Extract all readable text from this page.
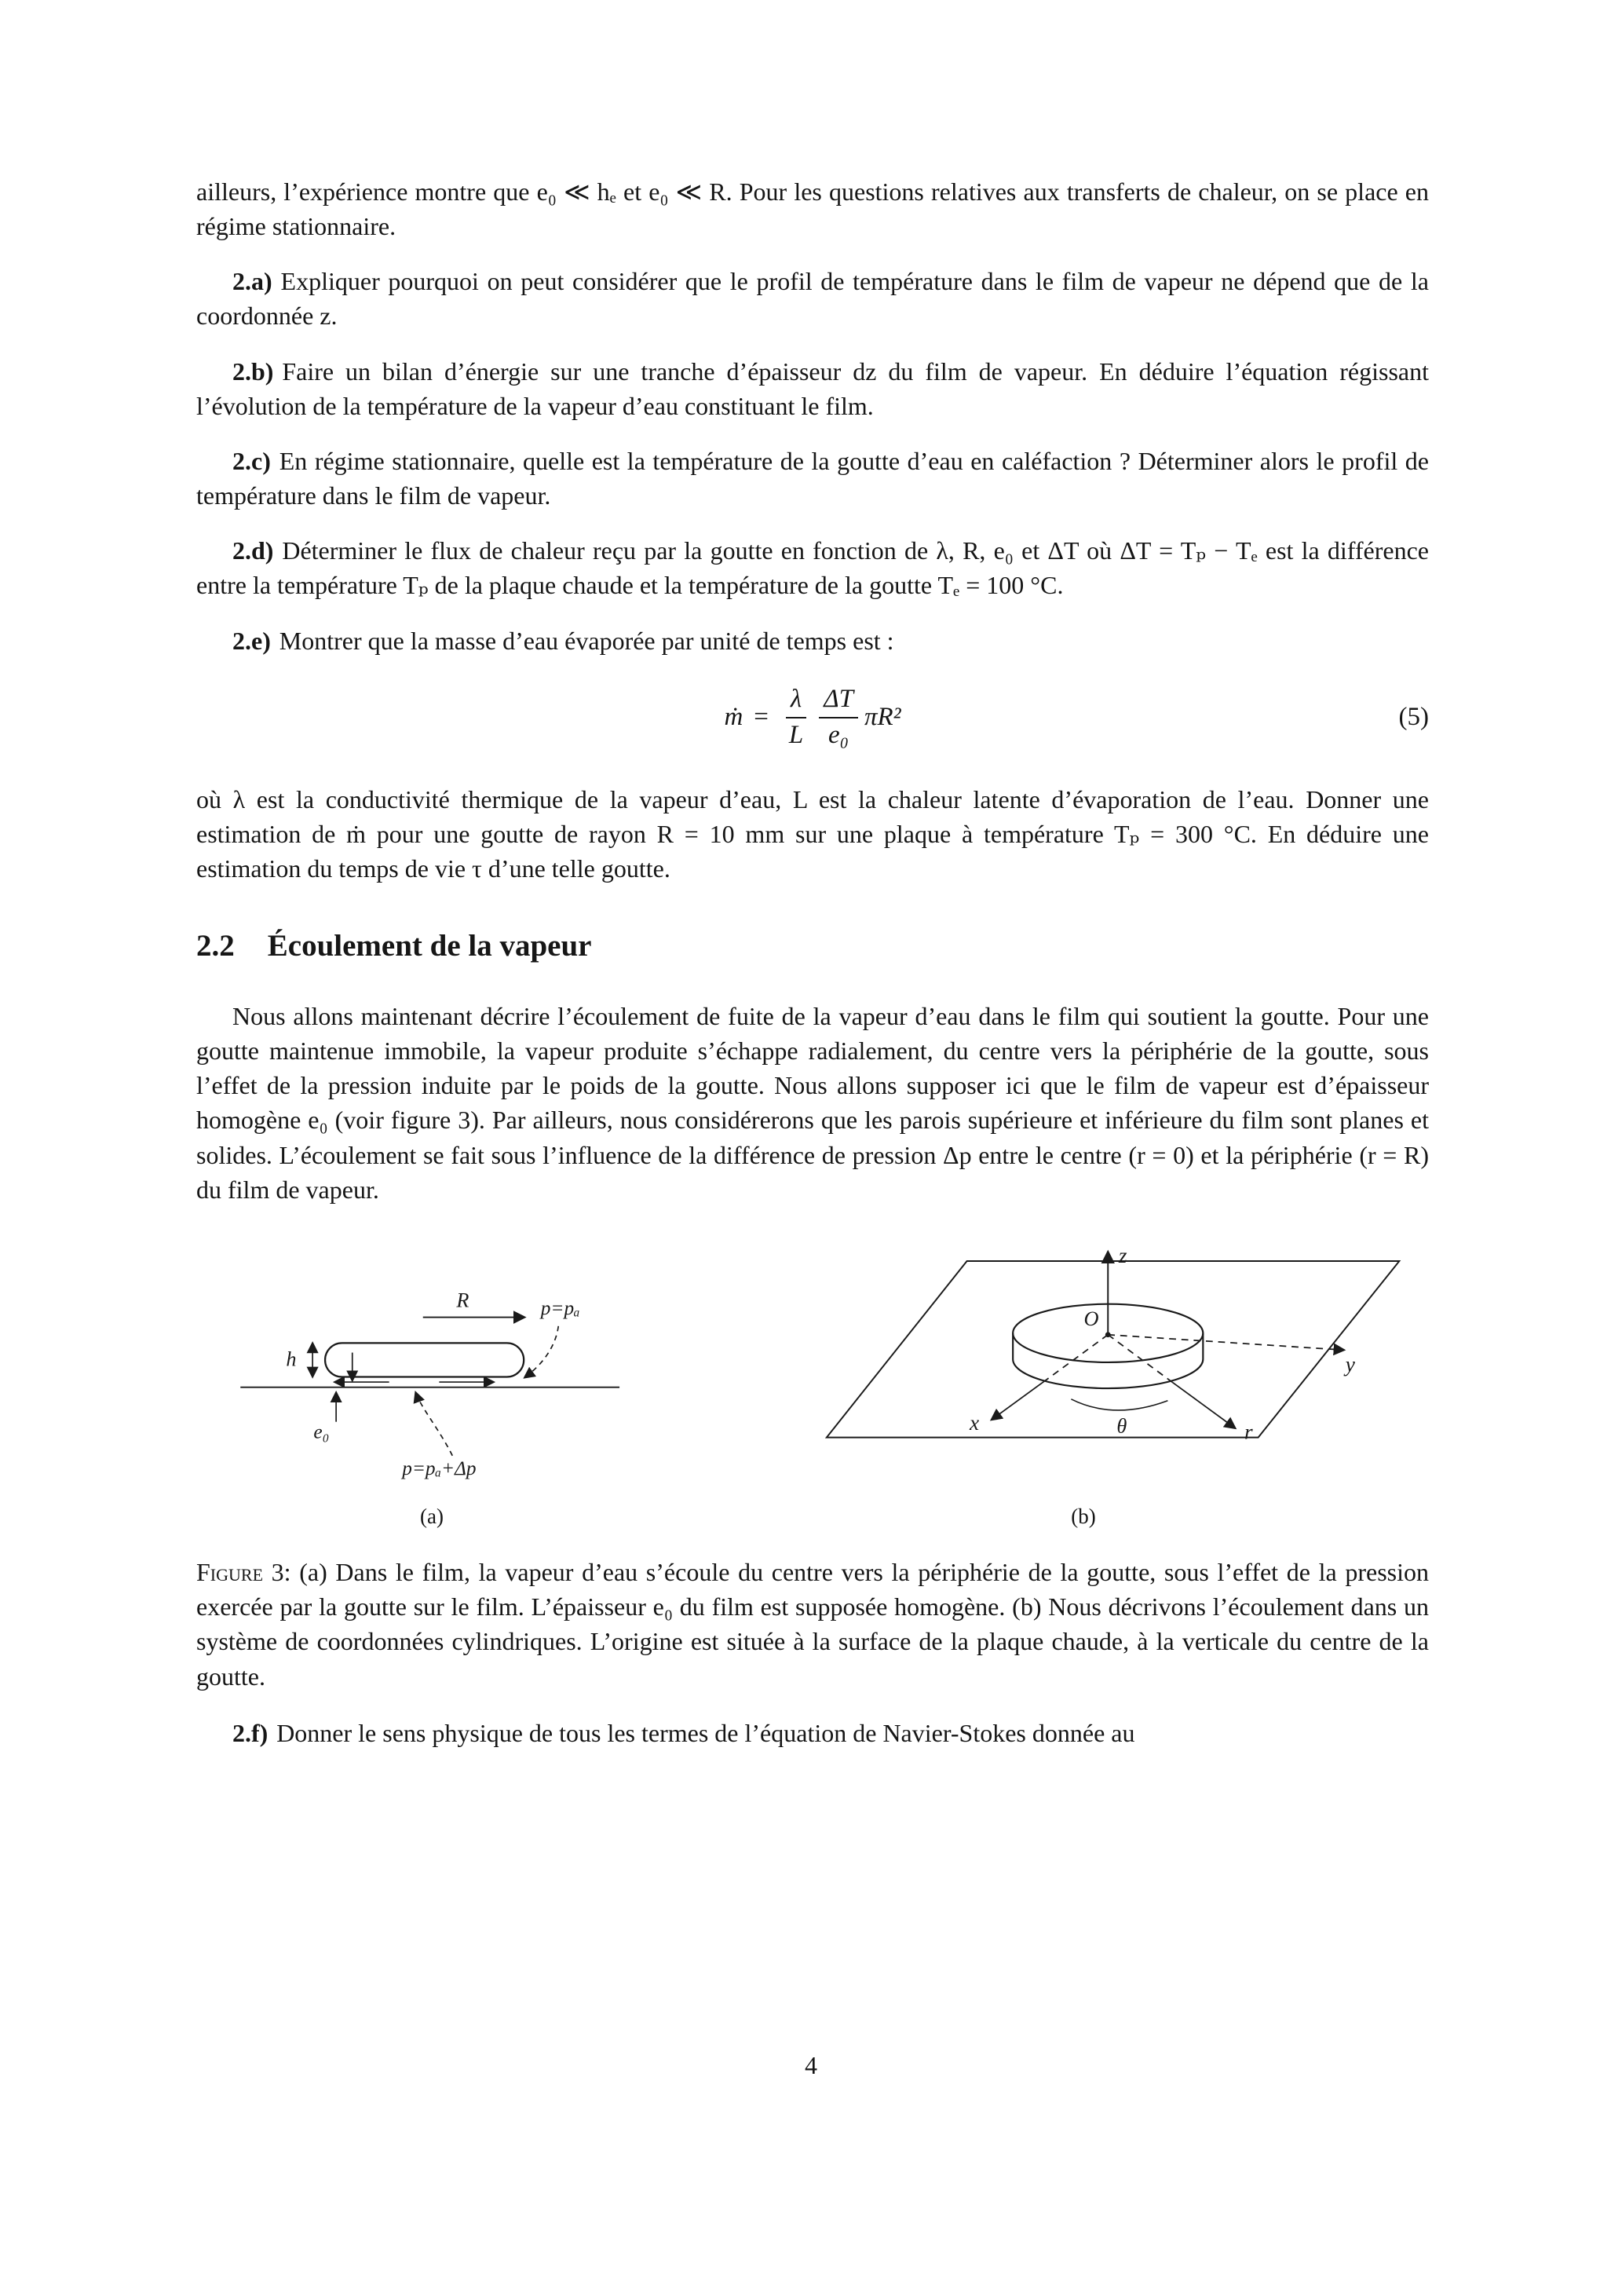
ailleurs, l’expérience montre que e₀ ≪ hₑ et e₀ ≪ R. Pour les questions relatives aux transferts de chaleur, on se place en régime stationnaire.

2.a) Expliquer pourquoi on peut considérer que le profil de température dans le film de vapeur ne dépend que de la coordonnée z.

2.b) Faire un bilan d’énergie sur une tranche d’épaisseur dz du film de vapeur. En déduire l’équation régissant l’évolution de la température de la vapeur d’eau constituant le film.

2.c) En régime stationnaire, quelle est la température de la goutte d’eau en caléfaction ? Déterminer alors le profil de température dans le film de vapeur.

2.d) Déterminer le flux de chaleur reçu par la goutte en fonction de λ, R, e₀ et ΔT où ΔT = Tₚ − Tₑ est la différence entre la température Tₚ de la plaque chaude et la température de la goutte Tₑ = 100 °C.

2.e) Montrer que la masse d’eau évaporée par unité de temps est :

ṁ = $\frac{\lambda}{L} \frac{\Delta T}{\text{e₀}} \pi R^2$	(5)

où λ est la conductivité thermique de la vapeur d’eau, L est la chaleur latente d’évaporation de l’eau. Donner une estimation de ṁ pour une goutte de rayon R = 10 mm sur une plaque à température Tₚ = 300 °C. En déduire une estimation du temps de vie τ d’une telle goutte.

2.2 Écoulement de la vapeur

Nous allons maintenant décrire l’écoulement de fuite de la vapeur d’eau dans le film qui soutient la goutte. Pour une goutte maintenue immobile, la vapeur produite s’échappe radialement, du centre vers la périphérie de la goutte, sous l’effet de la pression induite par le poids de la goutte. Nous allons supposer ici que le film de vapeur est d’épaisseur homogène e₀ (voir figure 3). Par ailleurs, nous considérerons que les parois supérieure et inférieure du film sont planes et solides. L’écoulement se fait sous l’influence de la différence de pression Δp entre le centre (r = 0) et la périphérie (r = R) du film de vapeur.

R	p=pₐ
h
e₀
p=pₐ+Δp
(a)
z
O
y
x	r
θ
(b)

Figure 3: (a) Dans le film, la vapeur d’eau s’écoule du centre vers la périphérie de la goutte, sous l’effet de la pression exercée par la goutte sur le film. L’épaisseur e₀ du film est supposée homogène. (b) Nous décrivons l’écoulement dans un système de coordonnées cylindriques. L’origine est située à la surface de la plaque chaude, à la verticale du centre de la goutte.

2.f) Donner le sens physique de tous les termes de l’équation de Navier-Stokes donnée au

4
